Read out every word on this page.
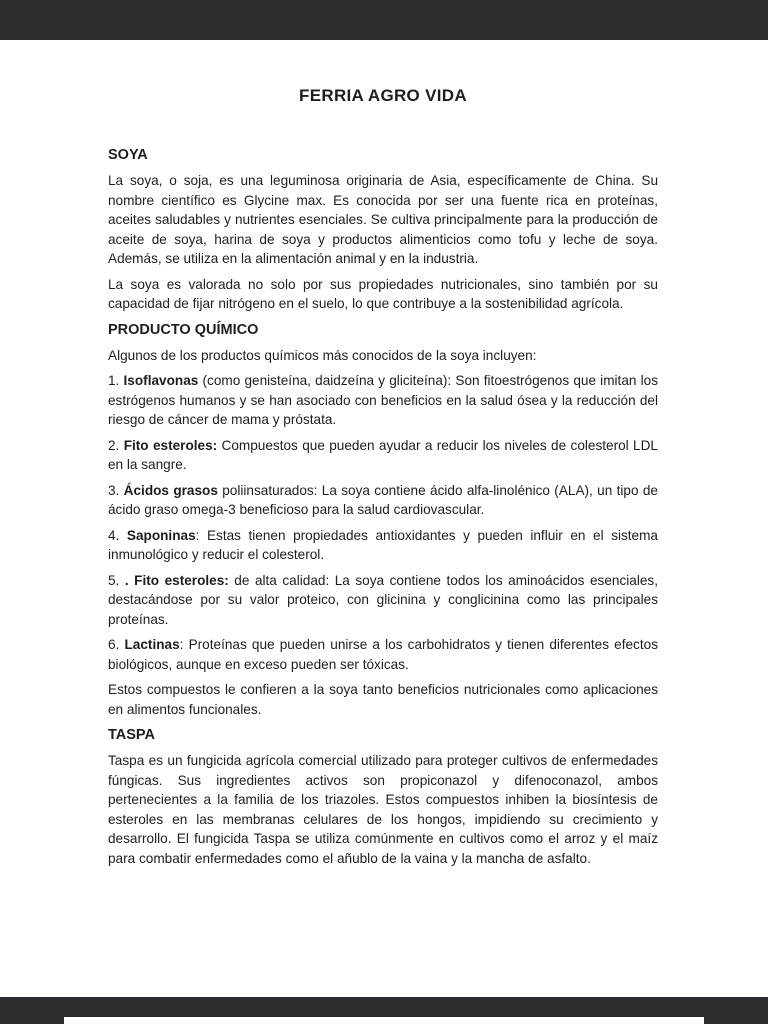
FERRIA AGRO VIDA
SOYA

La soya, o soja, es una leguminosa originaria de Asia, específicamente de China. Su nombre científico es Glycine max. Es conocida por ser una fuente rica en proteínas, aceites saludables y nutrientes esenciales. Se cultiva principalmente para la producción de aceite de soya, harina de soya y productos alimenticios como tofu y leche de soya. Además, se utiliza en la alimentación animal y en la industria.

La soya es valorada no solo por sus propiedades nutricionales, sino también por su capacidad de fijar nitrógeno en el suelo, lo que contribuye a la sostenibilidad agrícola.

PRODUCTO QUÍMICO

Algunos de los productos químicos más conocidos de la soya incluyen:

1. Isoflavonas (como genisteína, daidzeína y gliciteína): Son fitoestrógenos que imitan los estrógenos humanos y se han asociado con beneficios en la salud ósea y la reducción del riesgo de cáncer de mama y próstata.

2. Fito esteroles: Compuestos que pueden ayudar a reducir los niveles de colesterol LDL en la sangre.

3. Ácidos grasos poliinsaturados: La soya contiene ácido alfa-linolénico (ALA), un tipo de ácido graso omega-3 beneficioso para la salud cardiovascular.

4. Saponinas: Estas tienen propiedades antioxidantes y pueden influir en el sistema inmunológico y reducir el colesterol.

5. . Fito esteroles: de alta calidad: La soya contiene todos los aminoácidos esenciales, destacándose por su valor proteico, con glicinina y conglicinina como las principales proteínas.

6. Lactinas: Proteínas que pueden unirse a los carbohidratos y tienen diferentes efectos biológicos, aunque en exceso pueden ser tóxicas.

Estos compuestos le confieren a la soya tanto beneficios nutricionales como aplicaciones en alimentos funcionales.

TASPA

Taspa es un fungicida agrícola comercial utilizado para proteger cultivos de enfermedades fúngicas. Sus ingredientes activos son propiconazol y difenoconazol, ambos pertenecientes a la familia de los triazoles. Estos compuestos inhiben la biosíntesis de esteroles en las membranas celulares de los hongos, impidiendo su crecimiento y desarrollo. El fungicida Taspa se utiliza comúnmente en cultivos como el arroz y el maíz para combatir enfermedades como el añublo de la vaina y la mancha de asfalto.
